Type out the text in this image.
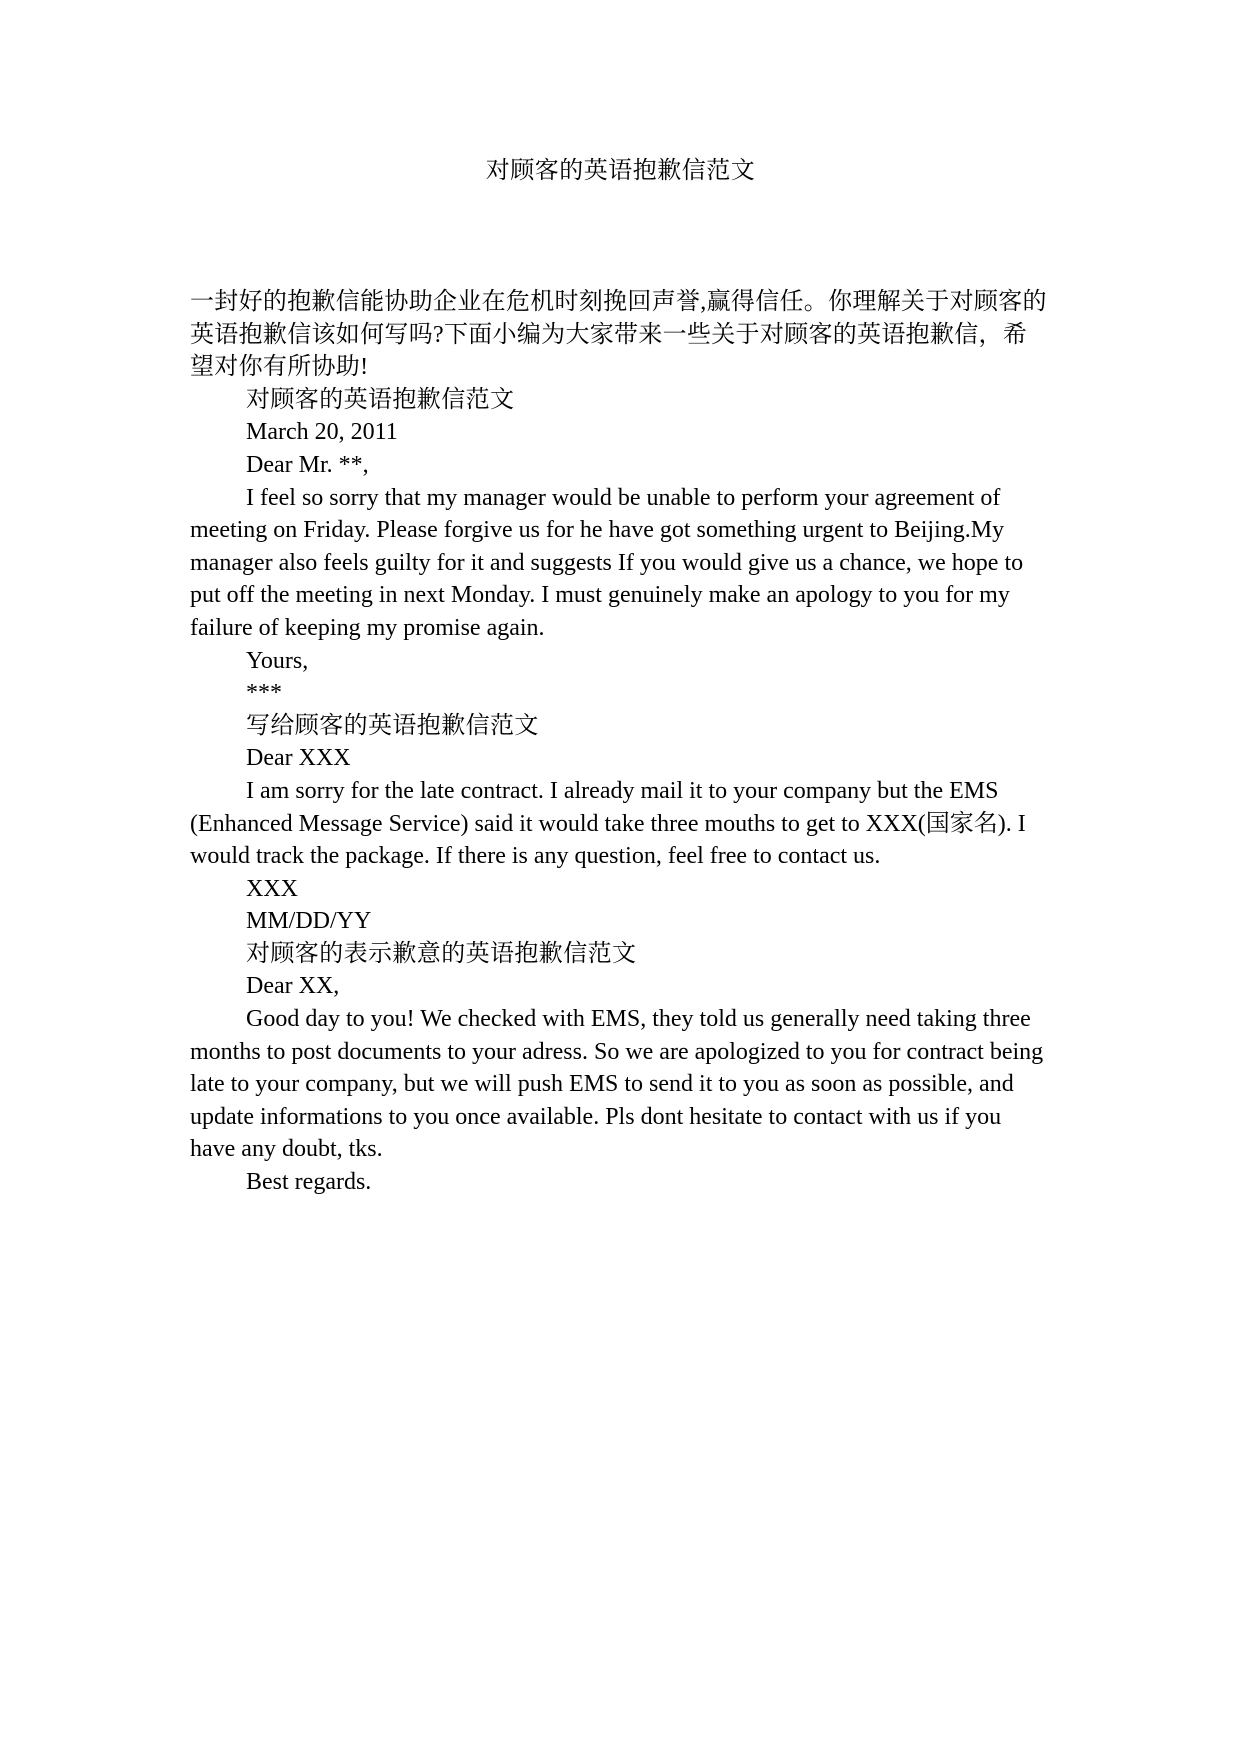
对顾客的英语抱歉信范文

一封好的抱歉信能协助企业在危机时刻挽回声誉,赢得信任。你理解关于对顾客的英语抱歉信该如何写吗?下面小编为大家带来一些关于对顾客的英语抱歉信，希望对你有所协助!

对顾客的英语抱歉信范文

March 20, 2011

Dear Mr. **,

I feel so sorry that my manager would be unable to perform your agreement of meeting on Friday. Please forgive us for he have got something urgent to Beijing.My manager also feels guilty for it and suggests If you would give us a chance, we hope to put off the meeting in next Monday. I must genuinely make an apology to you for my failure of keeping my promise again.

Yours,

***

写给顾客的英语抱歉信范文

Dear XXX

I am sorry for the late contract. I already mail it to your company but the EMS (Enhanced Message Service) said it would take three mouths to get to XXX(国家名). I would track the package. If there is any question, feel free to contact us.

XXX

MM/DD/YY

对顾客的表示歉意的英语抱歉信范文

Dear XX,

Good day to you! We checked with EMS, they told us generally need taking three months to post documents to your adress. So we are apologized to you for contract being late to your company, but we will push EMS to send it to you as soon as possible, and update informations to you once available. Pls dont hesitate to contact with us if you have any doubt, tks.

Best regards.
